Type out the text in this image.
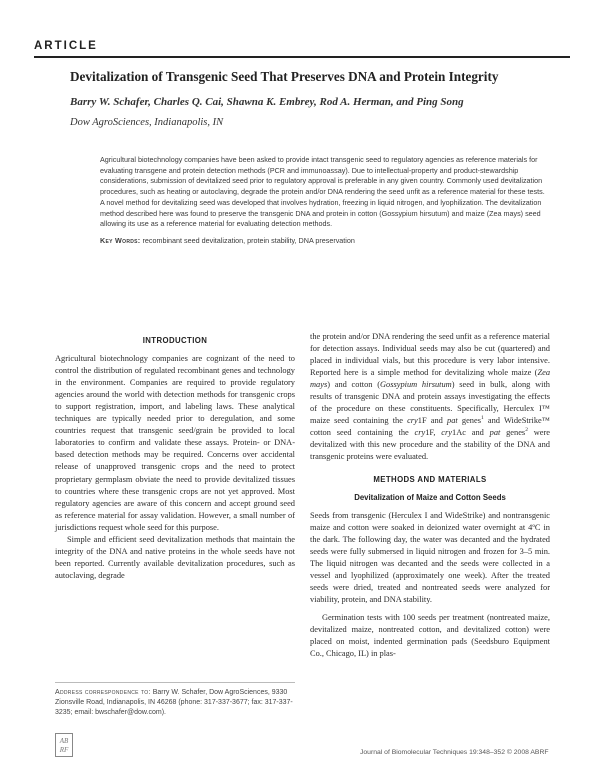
ARTICLE
Devitalization of Transgenic Seed That Preserves DNA and Protein Integrity
Barry W. Schafer, Charles Q. Cai, Shawna K. Embrey, Rod A. Herman, and Ping Song
Dow AgroSciences, Indianapolis, IN

Agricultural biotechnology companies have been asked to provide intact transgenic seed to regulatory agencies as reference materials for evaluating transgene and protein detection methods (PCR and immunoassay). Due to intellectual-property and product-stewardship considerations, submission of devitalized seed prior to regulatory approval is preferable in any given country. Commonly used devitalization procedures, such as heating or autoclaving, degrade the protein and/or DNA rendering the seed unfit as a reference material for these tests. A novel method for devitalizing seed was developed that involves hydration, freezing in liquid nitrogen, and lyophilization. The devitalization method described here was found to preserve the transgenic DNA and protein in cotton (Gossypium hirsutum) and maize (Zea mays) seed allowing its use as a reference material for evaluating detection methods.

Key Words: recombinant seed devitalization, protein stability, DNA preservation

INTRODUCTION

Agricultural biotechnology companies are cognizant of the need to control the distribution of regulated recombinant genes and technology in the environment. Companies are required to provide regulatory agencies around the world with detection methods for transgenic crops to support registration, import, and labeling laws. These analytical techniques are typically needed prior to deregulation, and some countries request that transgenic seed/grain be provided to local laboratories to confirm and validate these assays. Protein- or DNA-based detection methods may be required. Concerns over accidental release of unapproved transgenic crops and the need to protect proprietary germplasm obviate the need to provide devitalized tissues to countries where these transgenic crops are not yet approved. Most regulatory agencies are aware of this concern and accept ground seed as reference material for assay validation. However, a small number of jurisdictions request whole seed for this purpose.

Simple and efficient seed devitalization methods that maintain the integrity of the DNA and native proteins in the whole seeds have not been reported. Currently available devitalization procedures, such as autoclaving, degrade

the protein and/or DNA rendering the seed unfit as a reference material for detection assays. Individual seeds may also be cut (quartered) and placed in individual vials, but this procedure is very labor intensive. Reported here is a simple method for devitalizing whole maize (Zea mays) and cotton (Gossypium hirsutum) seed in bulk, along with results of transgenic DNA and protein assays investigating the effects of the procedure on these constituents. Specifically, Herculex I™ maize seed containing the cry1F and pat genes$^1$ and WideStrike™ cotton seed containing the cry1F, cry1Ac and pat genes$^2$ were devitalized with this new procedure and the stability of the DNA and transgenic proteins were evaluated.

METHODS AND MATERIALS
Devitalization of Maize and Cotton Seeds

Seeds from transgenic (Herculex I and WideStrike) and nontransgenic maize and cotton were soaked in deionized water overnight at 4ºC in the dark. The following day, the water was decanted and the hydrated seeds were fully submersed in liquid nitrogen and frozen for 3–5 min. The liquid nitrogen was decanted and the seeds were collected in a vessel and lyophilized (approximately one week). After the treated seeds were dried, treated and nontreated seeds were analyzed for viability, protein, and DNA stability.

Germination tests with 100 seeds per treatment (nontreated maize, devitalized maize, nontreated cotton, and devitalized cotton) were placed on moist, indented germination pads (Seedsburo Equipment Co., Chicago, IL) in plas-

Address correspondence to: Barry W. Schafer, Dow AgroSciences, 9330 Zionsville Road, Indianapolis, IN 46268 (phone: 317-337-3677; fax: 317-337-3235; email: bwschafer@dow.com).
AB
RF	Journal of Biomolecular Techniques 19:348–352 © 2008 ABRF
